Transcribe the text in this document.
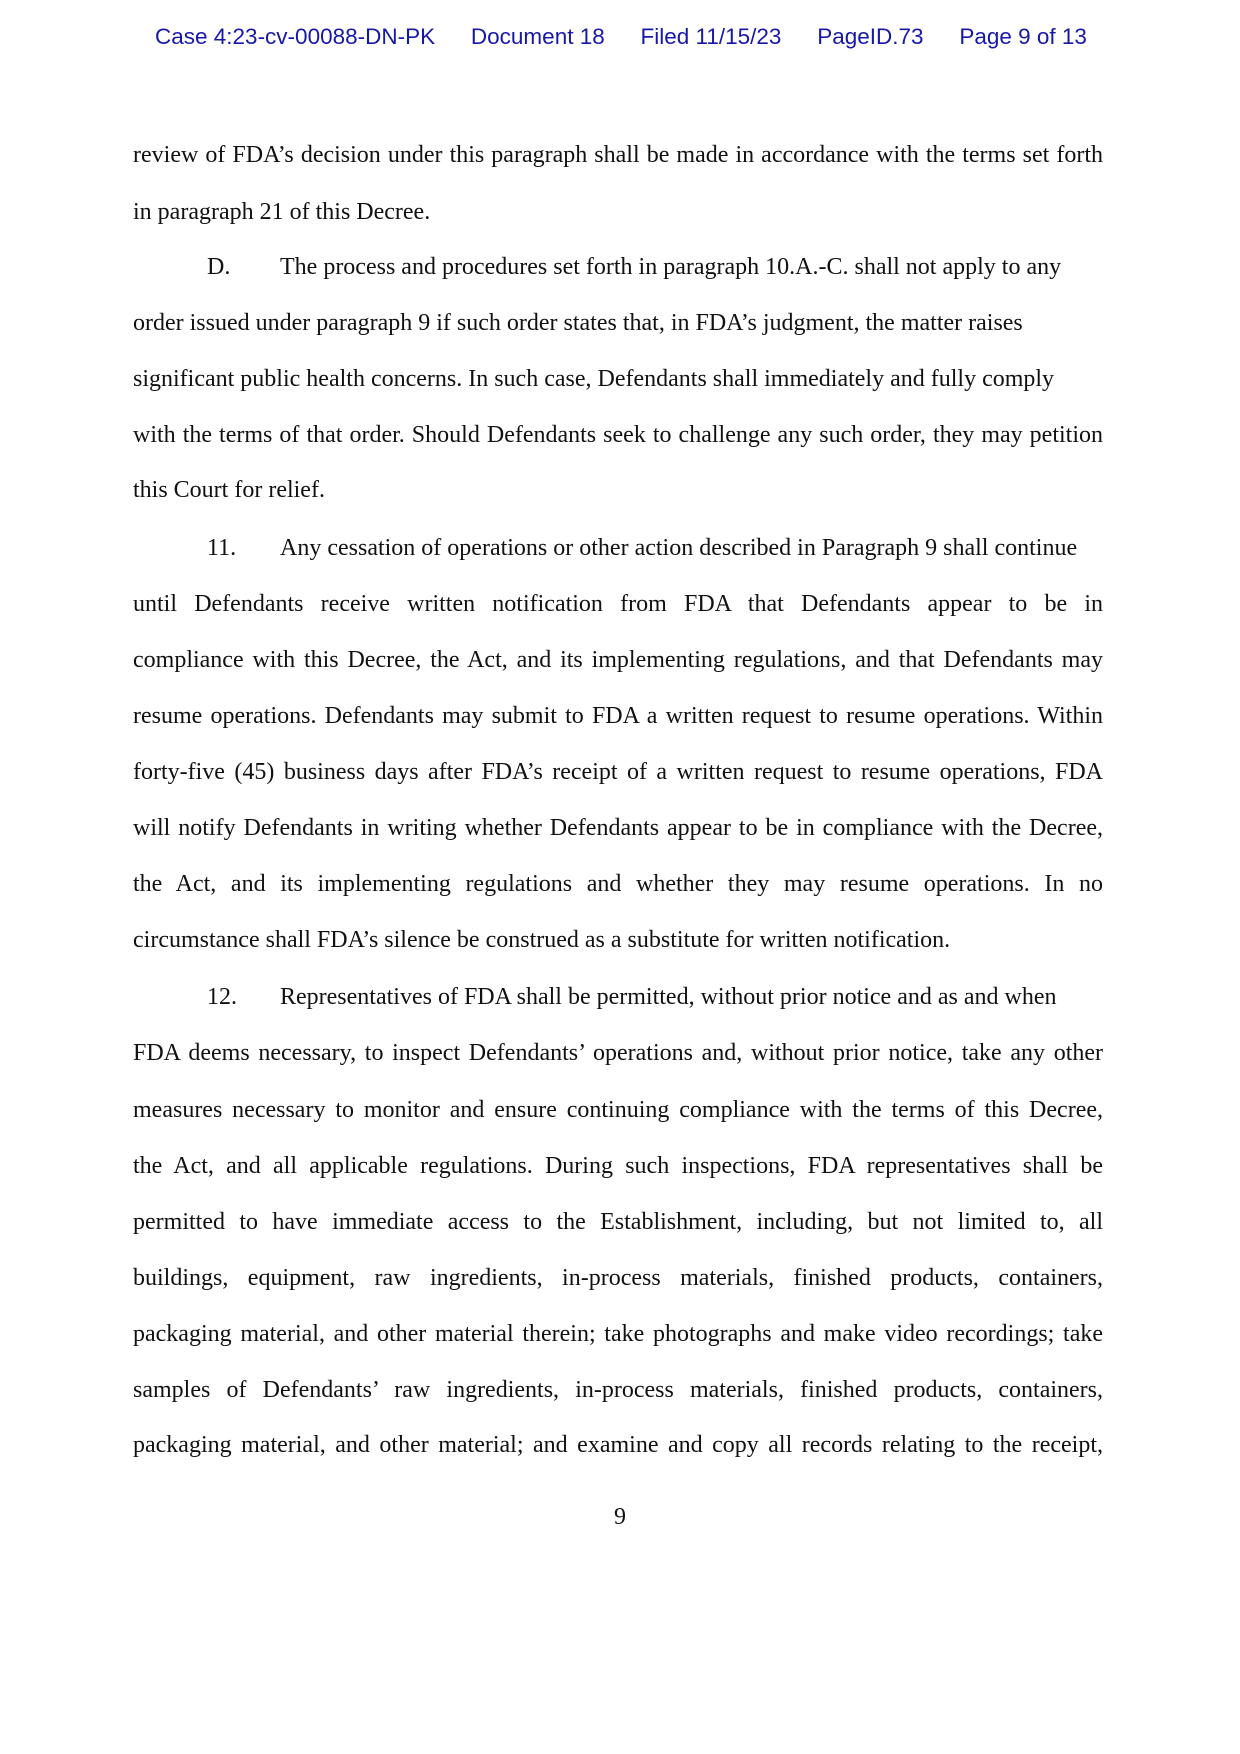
Case 4:23-cv-00088-DN-PK Document 18 Filed 11/15/23 PageID.73 Page 9 of 13
review of FDA’s decision under this paragraph shall be made in accordance with the terms set forth
in paragraph 21 of this Decree.
D. The process and procedures set forth in paragraph 10.A.-C. shall not apply to any
order issued under paragraph 9 if such order states that, in FDA’s judgment, the matter raises
significant public health concerns. In such case, Defendants shall immediately and fully comply
with the terms of that order. Should Defendants seek to challenge any such order, they may petition
this Court for relief.
11. Any cessation of operations or other action described in Paragraph 9 shall continue
until Defendants receive written notification from FDA that Defendants appear to be in
compliance with this Decree, the Act, and its implementing regulations, and that Defendants may
resume operations. Defendants may submit to FDA a written request to resume operations. Within
forty-five (45) business days after FDA’s receipt of a written request to resume operations, FDA
will notify Defendants in writing whether Defendants appear to be in compliance with the Decree,
the Act, and its implementing regulations and whether they may resume operations. In no
circumstance shall FDA’s silence be construed as a substitute for written notification.
12. Representatives of FDA shall be permitted, without prior notice and as and when
FDA deems necessary, to inspect Defendants’ operations and, without prior notice, take any other
measures necessary to monitor and ensure continuing compliance with the terms of this Decree,
the Act, and all applicable regulations. During such inspections, FDA representatives shall be
permitted to have immediate access to the Establishment, including, but not limited to, all
buildings, equipment, raw ingredients, in-process materials, finished products, containers,
packaging material, and other material therein; take photographs and make video recordings; take
samples of Defendants’ raw ingredients, in-process materials, finished products, containers,
packaging material, and other material; and examine and copy all records relating to the receipt,
9
